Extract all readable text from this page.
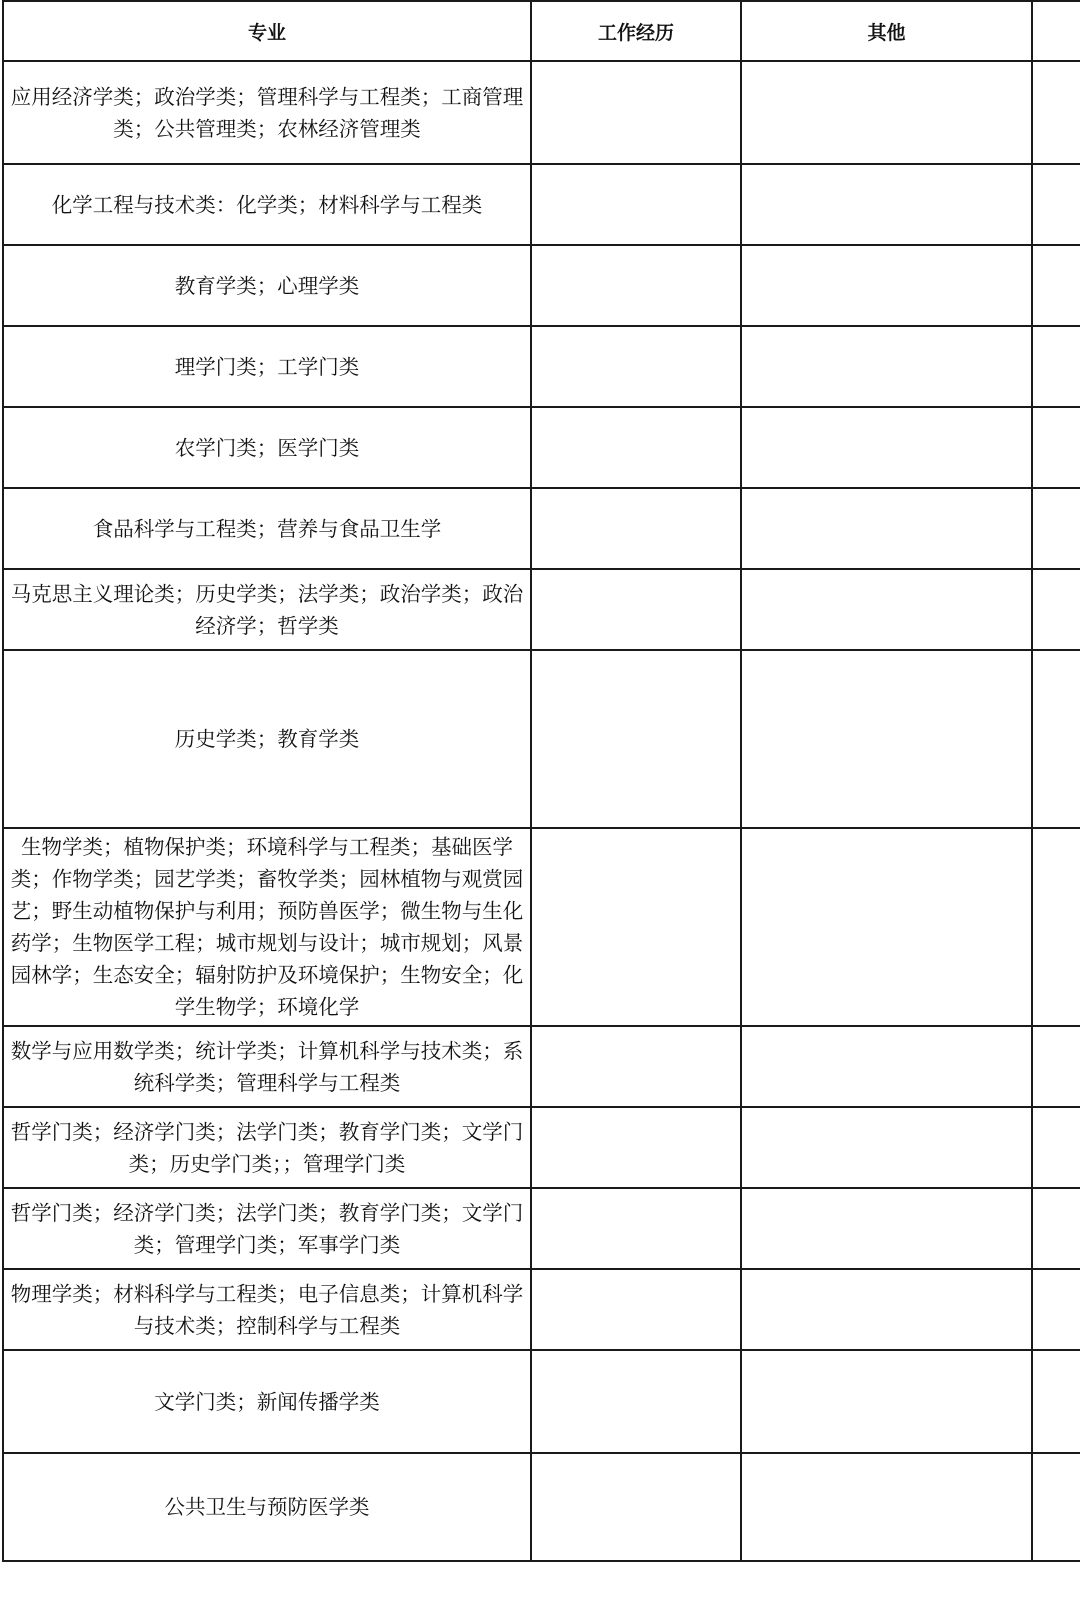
专业	工作经历	其他	

应用经济学类；政治学类；管理科学与工程类；工商管理类；公共管理类；农林经济管理类			

化学工程与技术类：化学类；材料科学与工程类			

教育学类；心理学类			

理学门类；工学门类			

农学门类；医学门类			

食品科学与工程类；营养与食品卫生学			

马克思主义理论类；历史学类；法学类；政治学类；政治经济学；哲学类			

历史学类；教育学类			

生物学类；植物保护类；环境科学与工程类；基础医学类；作物学类；园艺学类；畜牧学类；园林植物与观赏园艺；野生动植物保护与利用；预防兽医学；微生物与生化药学；生物医学工程；城市规划与设计；城市规划；风景园林学；生态安全；辐射防护及环境保护；生物安全；化学生物学；环境化学			

数学与应用数学类；统计学类；计算机科学与技术类；系统科学类；管理科学与工程类			

哲学门类；经济学门类；法学门类；教育学门类；文学门类；历史学门类；；管理学门类			

哲学门类；经济学门类；法学门类；教育学门类；文学门类；管理学门类；军事学门类			

物理学类；材料科学与工程类；电子信息类；计算机科学与技术类；控制科学与工程类			

文学门类；新闻传播学类			

公共卫生与预防医学类			
